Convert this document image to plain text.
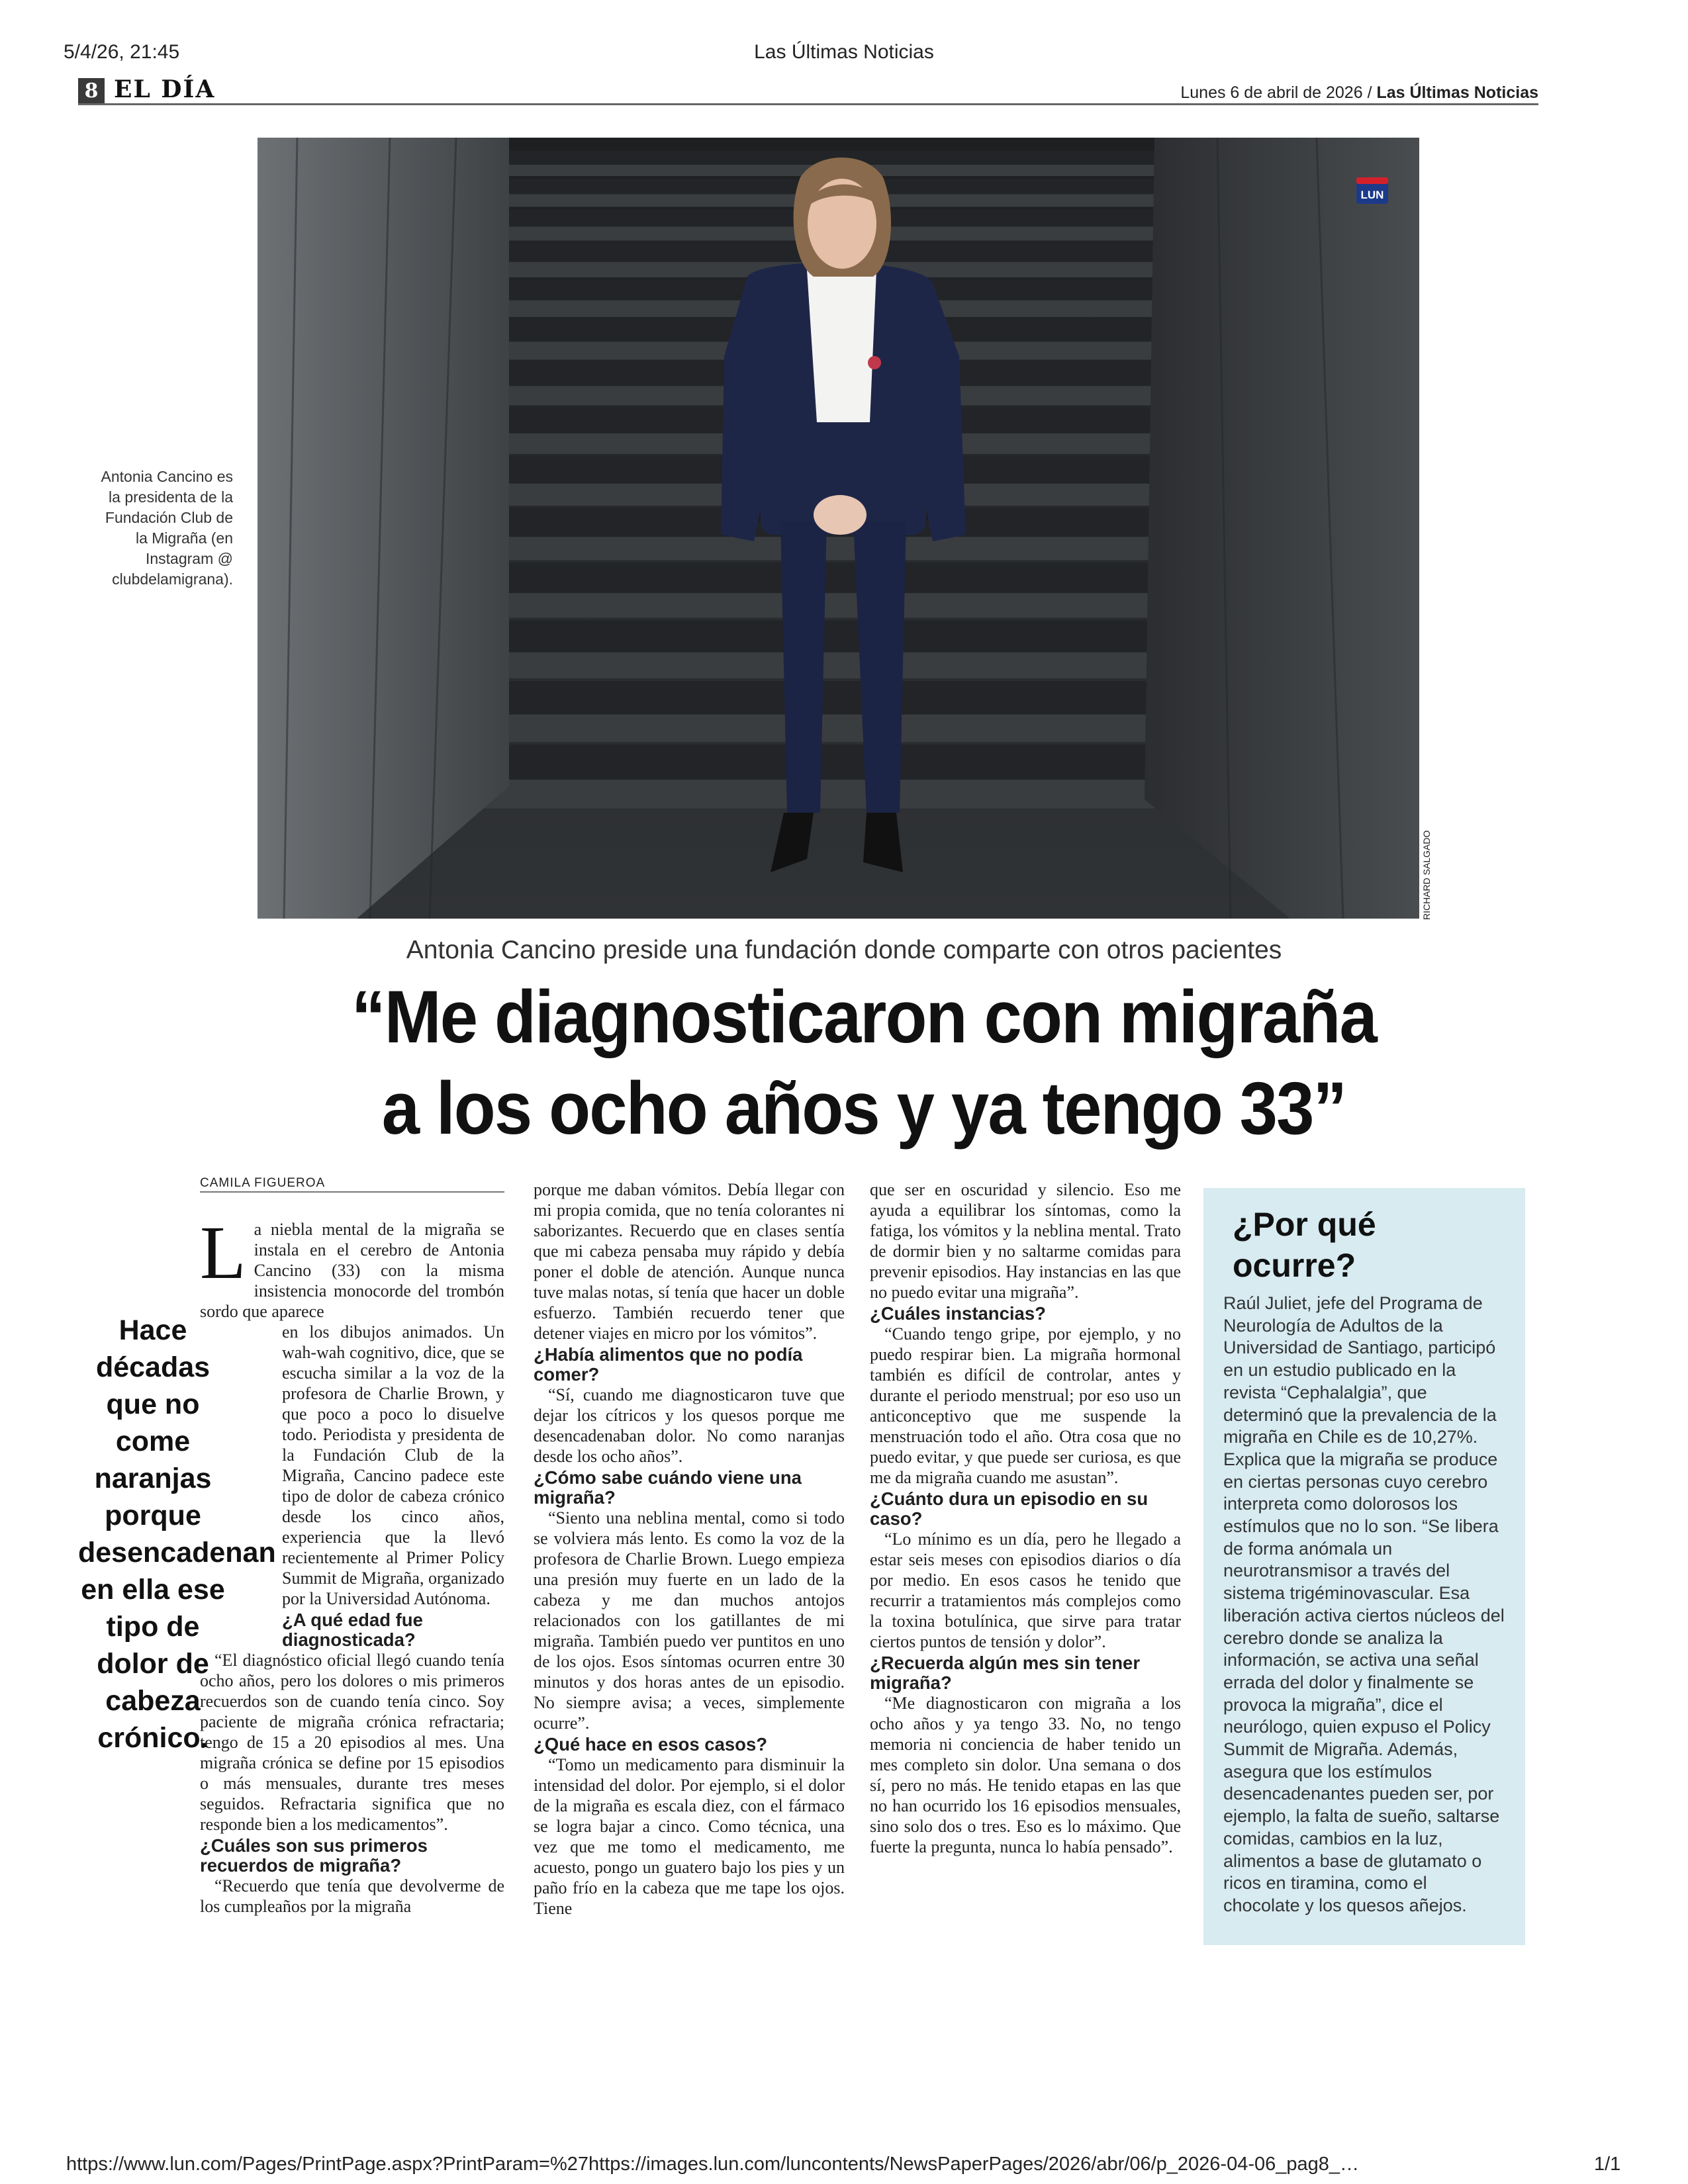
5/4/26, 21:45	Las Últimas Noticias
8 EL DÍA	Lunes 6 de abril de 2026 / Las Últimas Noticias
LUN
RICHARD SALGADO
Antonia Cancino es la presidenta de la Fundación Club de la Migraña (en Instagram @ clubdelamigrana).
Antonia Cancino preside una fundación donde comparte con otros pacientes
“Me diagnosticaron con migraña
a los ocho años y ya tengo 33”
CAMILA FIGUEROA
Hace décadas que no come naranjas porque desencadenan en ella ese tipo de dolor de cabeza crónico.

La niebla mental de la migraña se instala en el cerebro de Antonia Cancino (33) con la misma insistencia monocorde del trombón sordo que aparece

en los dibujos animados. Un wah-wah cognitivo, dice, que se escucha similar a la voz de la profesora de Charlie Brown, y que poco a poco lo disuelve todo. Periodista y presidenta de la Fundación Club de la Migraña, Cancino padece este tipo de dolor de cabeza crónico desde los cinco años, experiencia que la llevó recientemente al Primer Policy Summit de Migraña, organizado por la Universidad Autónoma.

¿A qué edad fue diagnosticada?

“El diagnóstico oficial llegó cuando tenía ocho años, pero los dolores o mis primeros recuerdos son de cuando tenía cinco. Soy paciente de migraña crónica refractaria; tengo de 15 a 20 episodios al mes. Una migraña crónica se define por 15 episodios o más mensuales, durante tres meses seguidos. Refractaria significa que no responde bien a los medicamentos”.

¿Cuáles son sus primeros recuerdos de migraña?

“Recuerdo que tenía que devolverme de los cumpleaños por la migraña

porque me daban vómitos. Debía llegar con mi propia comida, que no tenía colorantes ni saborizantes. Recuerdo que en clases sentía que mi cabeza pensaba muy rápido y debía poner el doble de atención. Aunque nunca tuve malas notas, sí tenía que hacer un doble esfuerzo. También recuerdo tener que detener viajes en micro por los vómitos”.

¿Había alimentos que no podía comer?

“Sí, cuando me diagnosticaron tuve que dejar los cítricos y los quesos porque me desencadenaban dolor. No como naranjas desde los ocho años”.

¿Cómo sabe cuándo viene una migraña?

“Siento una neblina mental, como si todo se volviera más lento. Es como la voz de la profesora de Charlie Brown. Luego empieza una presión muy fuerte en un lado de la cabeza y me dan muchos antojos relacionados con los gatillantes de mi migraña. También puedo ver puntitos en uno de los ojos. Esos síntomas ocurren entre 30 minutos y dos horas antes de un episodio. No siempre avisa; a veces, simplemente ocurre”.

¿Qué hace en esos casos?

“Tomo un medicamento para disminuir la intensidad del dolor. Por ejemplo, si el dolor de la migraña es escala diez, con el fármaco se logra bajar a cinco. Como técnica, una vez que me tomo el medicamento, me acuesto, pongo un guatero bajo los pies y un paño frío en la cabeza que me tape los ojos. Tiene

que ser en oscuridad y silencio. Eso me ayuda a equilibrar los síntomas, como la fatiga, los vómitos y la neblina mental. Trato de dormir bien y no saltarme comidas para prevenir episodios. Hay instancias en las que no puedo evitar una migraña”.

¿Cuáles instancias?

“Cuando tengo gripe, por ejemplo, y no puedo respirar bien. La migraña hormonal también es difícil de controlar, antes y durante el periodo menstrual; por eso uso un anticonceptivo que me suspende la menstruación todo el año. Otra cosa que no puedo evitar, y que puede ser curiosa, es que me da migraña cuando me asustan”.

¿Cuánto dura un episodio en su caso?

“Lo mínimo es un día, pero he llegado a estar seis meses con episodios diarios o día por medio. En esos casos he tenido que recurrir a tratamientos más complejos como la toxina botulínica, que sirve para tratar ciertos puntos de tensión y dolor”.

¿Recuerda algún mes sin tener migraña?

“Me diagnosticaron con migraña a los ocho años y ya tengo 33. No, no tengo memoria ni conciencia de haber tenido un mes completo sin dolor. Una semana o dos sí, pero no más. He tenido etapas en las que no han ocurrido los 16 episodios mensuales, sino solo dos o tres. Eso es lo máximo. Que fuerte la pregunta, nunca lo había pensado”.

¿Por qué ocurre?
Raúl Juliet, jefe del Programa de Neurología de Adultos de la Universidad de Santiago, participó en un estudio publicado en la revista “Cephalalgia”, que determinó que la prevalencia de la migraña en Chile es de 10,27%. Explica que la migraña se produce en ciertas personas cuyo cerebro interpreta como dolorosos los estímulos que no lo son. “Se libera de forma anómala un neurotransmisor a través del sistema trigéminovascular. Esa liberación activa ciertos núcleos del cerebro donde se analiza la información, se activa una señal errada del dolor y finalmente se provoca la migraña”, dice el neurólogo, quien expuso el Policy Summit de Migraña. Además, asegura que los estímulos desencadenantes pueden ser, por ejemplo, la falta de sueño, saltarse comidas, cambios en la luz, alimentos a base de glutamato o ricos en tiramina, como el chocolate y los quesos añejos.
https://www.lun.com/Pages/PrintPage.aspx?PrintParam=%27https://images.lun.com/luncontents/NewsPaperPages/2026/abr/06/p_2026-04-06_pag8_…	1/1
